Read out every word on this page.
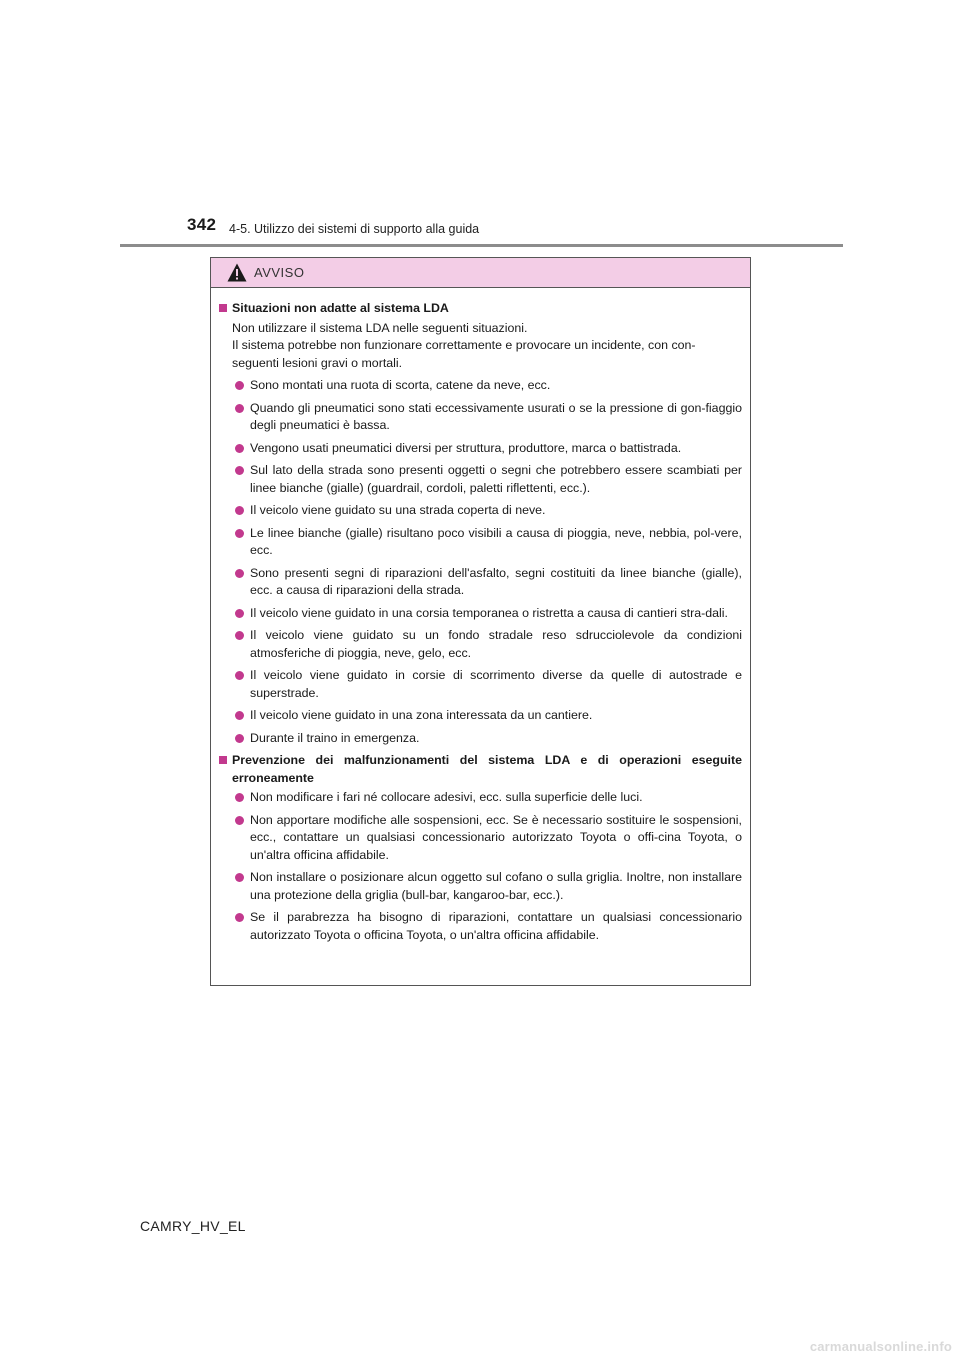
342 4-5. Utilizzo dei sistemi di supporto alla guida
AVVISO
Situazioni non adatte al sistema LDA

Non utilizzare il sistema LDA nelle seguenti situazioni.

Il sistema potrebbe non funzionare correttamente e provocare un incidente, con con-seguenti lesioni gravi o mortali.

Sono montati una ruota di scorta, catene da neve, ecc.
Quando gli pneumatici sono stati eccessivamente usurati o se la pressione di gon-fiaggio degli pneumatici è bassa.
Vengono usati pneumatici diversi per struttura, produttore, marca o battistrada.
Sul lato della strada sono presenti oggetti o segni che potrebbero essere scambiati per linee bianche (gialle) (guardrail, cordoli, paletti riflettenti, ecc.).
Il veicolo viene guidato su una strada coperta di neve.
Le linee bianche (gialle) risultano poco visibili a causa di pioggia, neve, nebbia, pol-vere, ecc.
Sono presenti segni di riparazioni dell'asfalto, segni costituiti da linee bianche (gialle), ecc. a causa di riparazioni della strada.
Il veicolo viene guidato in una corsia temporanea o ristretta a causa di cantieri stra-dali.
Il veicolo viene guidato su un fondo stradale reso sdrucciolevole da condizioni atmosferiche di pioggia, neve, gelo, ecc.
Il veicolo viene guidato in corsie di scorrimento diverse da quelle di autostrade e superstrade.
Il veicolo viene guidato in una zona interessata da un cantiere.
Durante il traino in emergenza.
Prevenzione dei malfunzionamenti del sistema LDA e di operazioni eseguite erroneamente
Non modificare i fari né collocare adesivi, ecc. sulla superficie delle luci.
Non apportare modifiche alle sospensioni, ecc. Se è necessario sostituire le sospensioni, ecc., contattare un qualsiasi concessionario autorizzato Toyota o offi-cina Toyota, o un'altra officina affidabile.
Non installare o posizionare alcun oggetto sul cofano o sulla griglia. Inoltre, non installare una protezione della griglia (bull-bar, kangaroo-bar, ecc.).
Se il parabrezza ha bisogno di riparazioni, contattare un qualsiasi concessionario autorizzato Toyota o officina Toyota, o un'altra officina affidabile.
CAMRY_HV_EL
carmanualsonline.info
